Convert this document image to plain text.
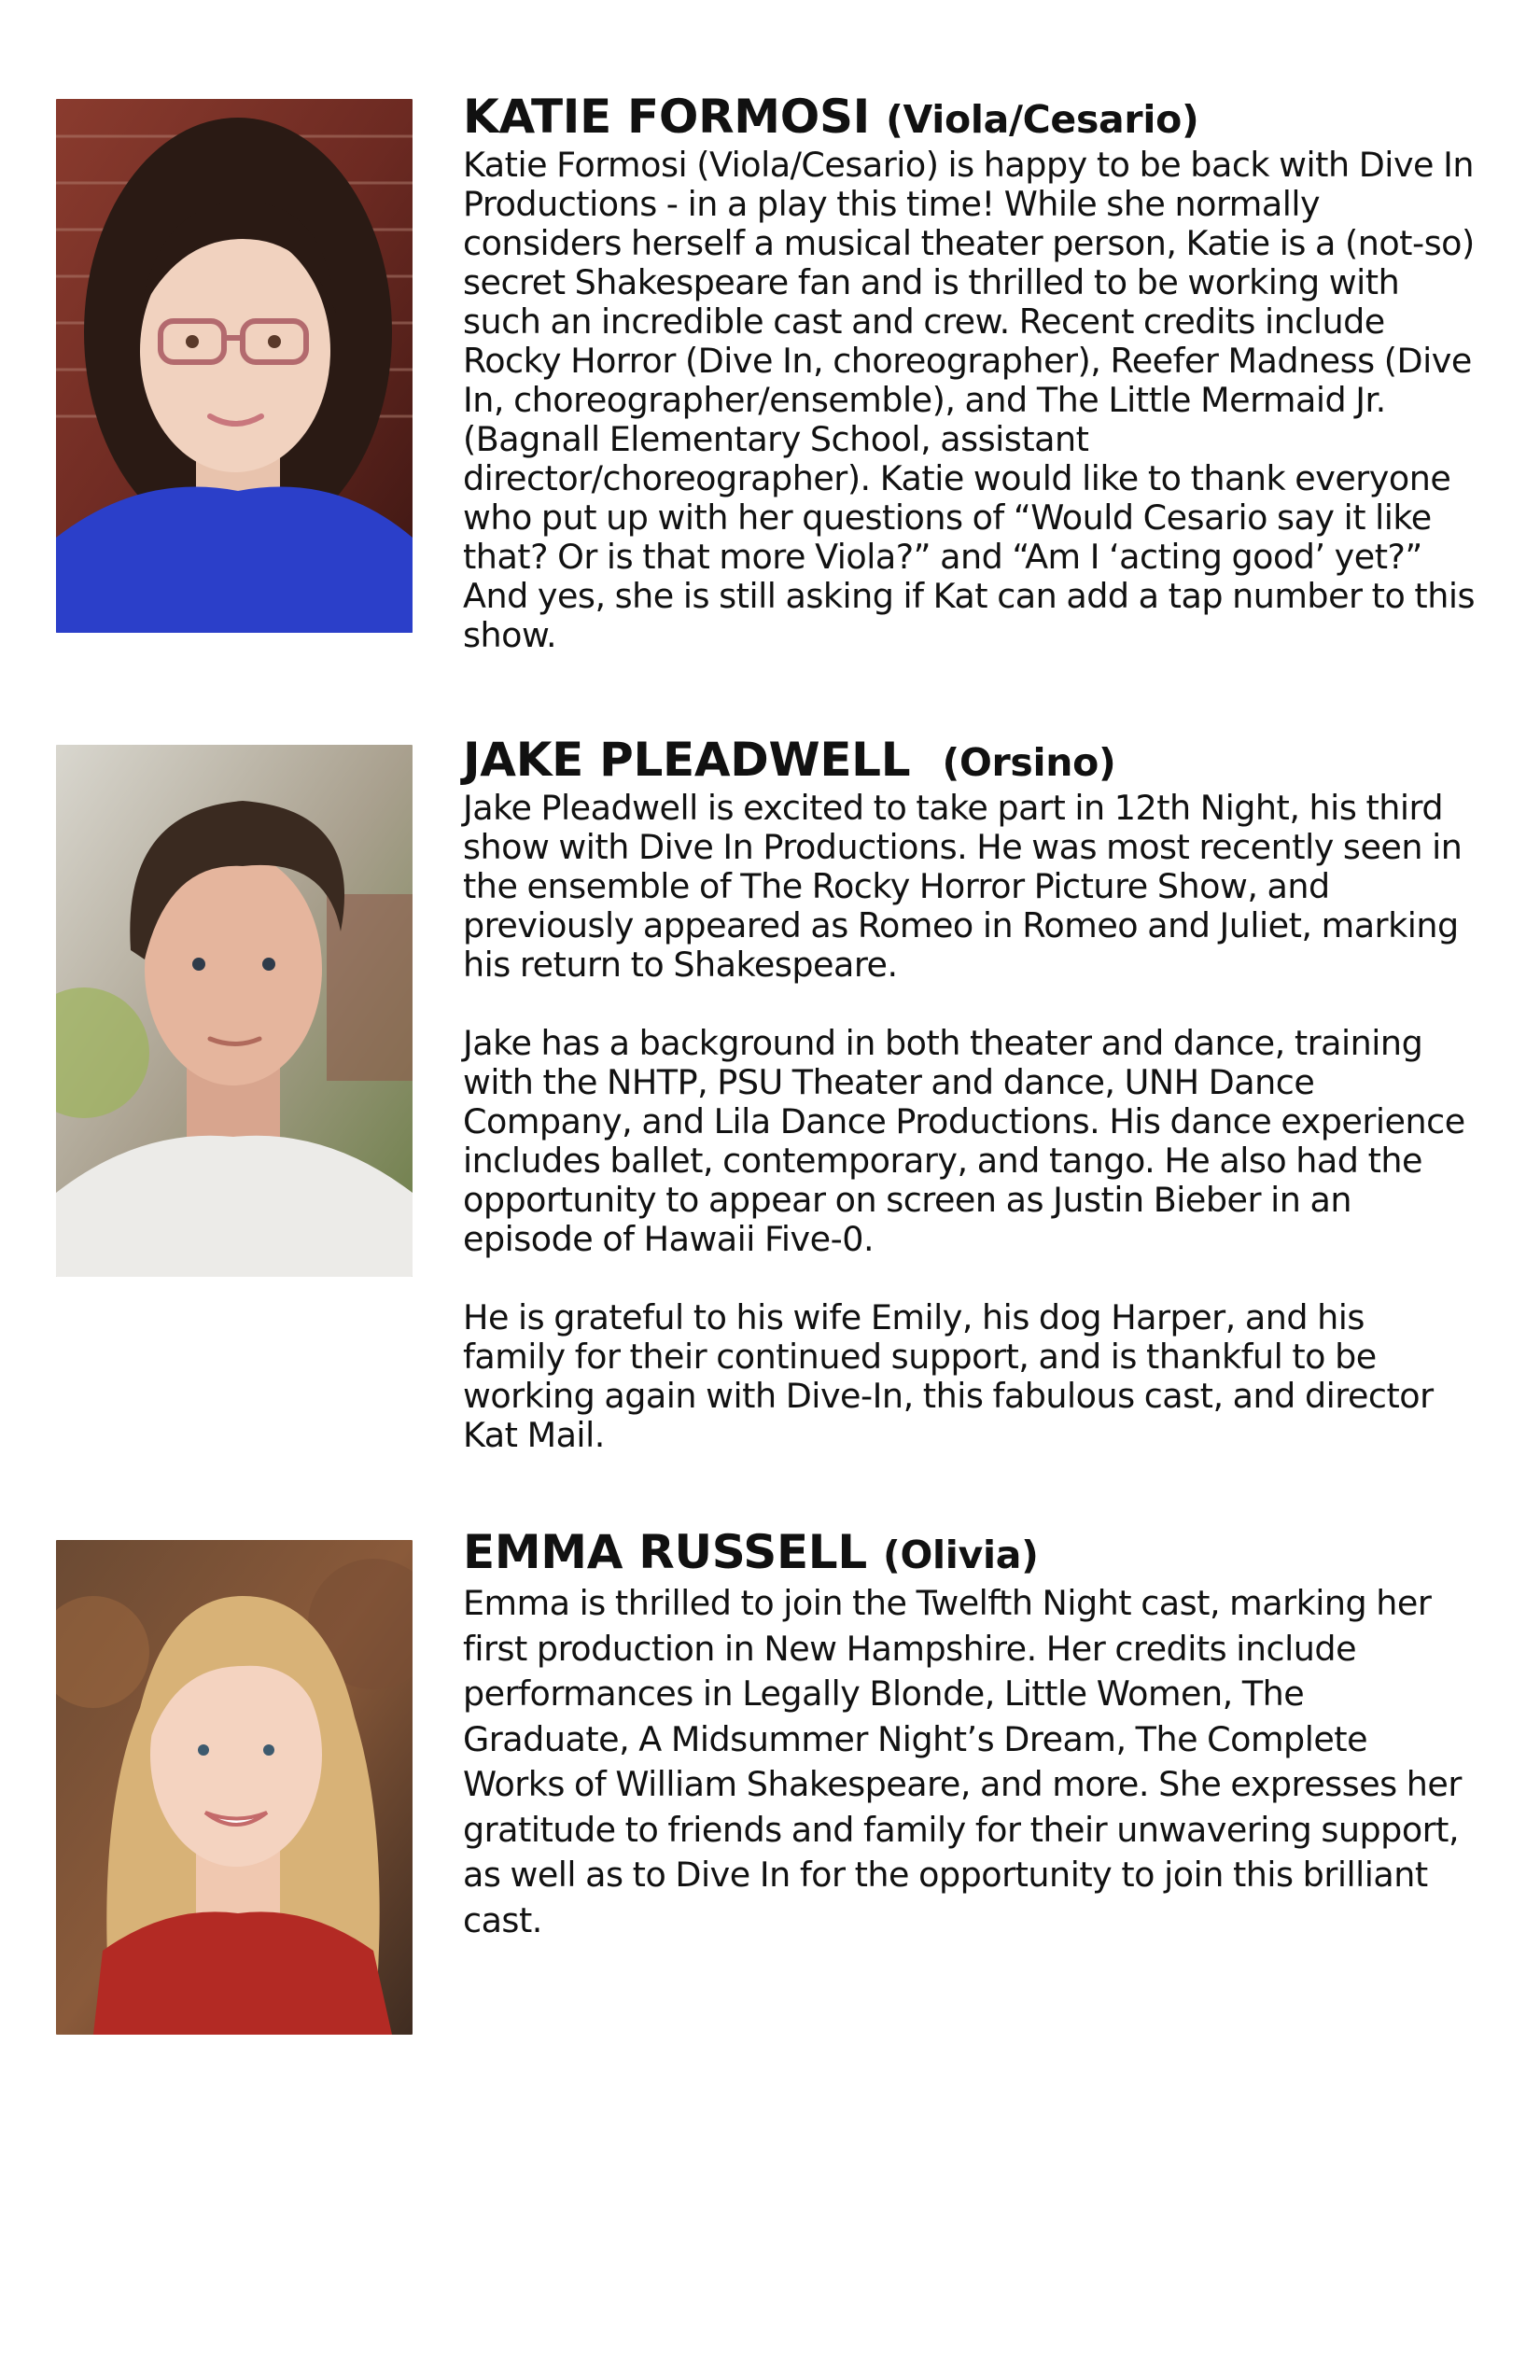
KATIE FORMOSI (Viola/Cesario)

Katie Formosi (Viola/Cesario) is happy to be back with Dive In Productions - in a play this time! While she normally considers herself a musical theater person, Katie is a (not-so) secret Shakespeare fan and is thrilled to be working with such an incredible cast and crew. Recent credits include Rocky Horror (Dive In, choreographer), Reefer Madness (Dive In, choreographer/ensemble), and The Little Mermaid Jr. (Bagnall Elementary School, assistant director/choreographer). Katie would like to thank everyone who put up with her questions of “Would Cesario say it like that? Or is that more Viola?” and “Am I ‘acting good’ yet?” And yes, she is still asking if Kat can add a tap number to this show.

JAKE PLEADWELL (Orsino)

Jake Pleadwell is excited to take part in 12th Night, his third show with Dive In Productions. He was most recently seen in the ensemble of The Rocky Horror Picture Show, and previously appeared as Romeo in Romeo and Juliet, marking his return to Shakespeare.

Jake has a background in both theater and dance, training with the NHTP, PSU Theater and dance, UNH Dance Company, and Lila Dance Productions. His dance experience includes ballet, contemporary, and tango. He also had the opportunity to appear on screen as Justin Bieber in an episode of Hawaii Five-0.

He is grateful to his wife Emily, his dog Harper, and his family for their continued support, and is thankful to be working again with Dive-In, this fabulous cast, and director Kat Mail.

EMMA RUSSELL (Olivia)

Emma is thrilled to join the Twelfth Night cast, marking her first production in New Hampshire. Her credits include performances in Legally Blonde, Little Women, The Graduate, A Midsummer Night’s Dream, The Complete Works of William Shakespeare, and more. She expresses her gratitude to friends and family for their unwavering support, as well as to Dive In for the opportunity to join this brilliant cast.
